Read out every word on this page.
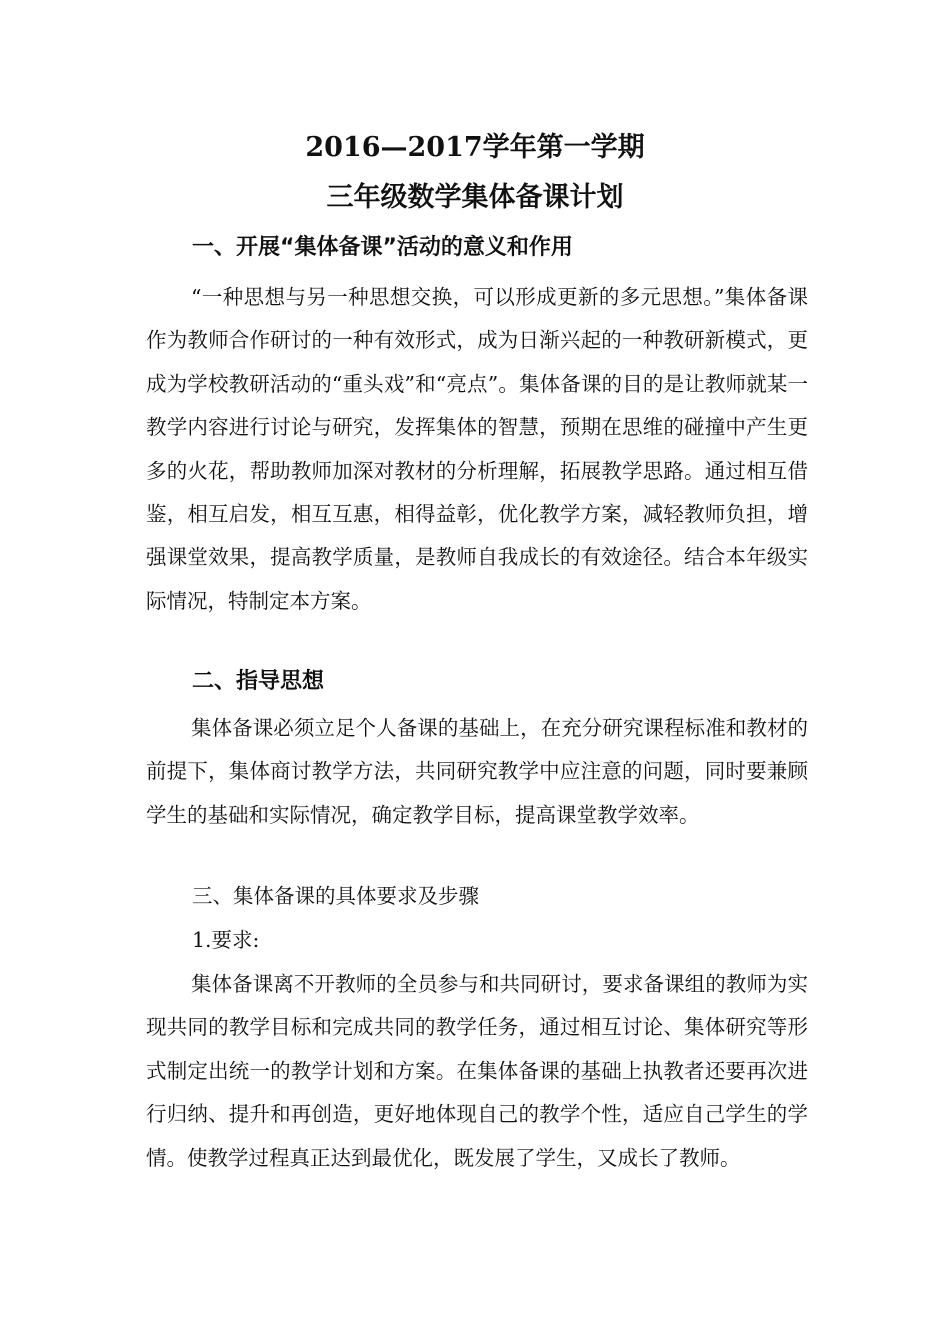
2016—2017学年第一学期
三年级数学集体备课计划
一、开展“集体备课”活动的意义和作用

“一种思想与另一种思想交换，可以形成更新的多元思想。”集体备课作为教师合作研讨的一种有效形式，成为日渐兴起的一种教研新模式，更成为学校教研活动的“重头戏”和“亮点”。集体备课的目的是让教师就某一教学内容进行讨论与研究，发挥集体的智慧，预期在思维的碰撞中产生更多的火花，帮助教师加深对教材的分析理解，拓展教学思路。通过相互借鉴，相互启发，相互互惠，相得益彰，优化教学方案，减轻教师负担，增强课堂效果，提高教学质量，是教师自我成长的有效途径。结合本年级实际情况，特制定本方案。

二、指导思想

集体备课必须立足个人备课的基础上，在充分研究课程标准和教材的前提下，集体商讨教学方法，共同研究教学中应注意的问题，同时要兼顾学生的基础和实际情况，确定教学目标，提高课堂教学效率。

三、集体备课的具体要求及步骤
1.要求:

集体备课离不开教师的全员参与和共同研讨，要求备课组的教师为实现共同的教学目标和完成共同的教学任务，通过相互讨论、集体研究等形式制定出统一的教学计划和方案。在集体备课的基础上执教者还要再次进行归纳、提升和再创造，更好地体现自己的教学个性，适应自己学生的学情。使教学过程真正达到最优化，既发展了学生，又成长了教师。
